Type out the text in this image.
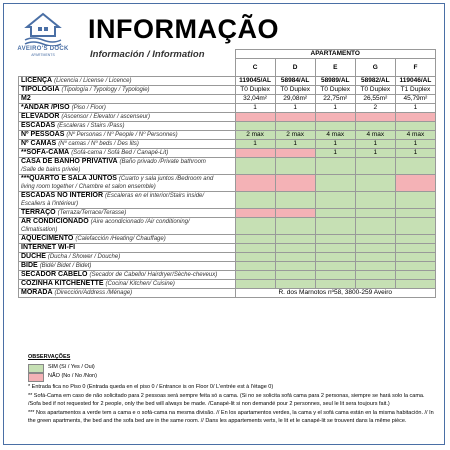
AVEIRO'S DOCK
APARTMENTS
INFORMAÇÃO
Información / Information
		APARTAMENTO				
	C	D	E	G	F
LICENÇA (Licencia / License / Licence)	119045/AL	58984/AL	58989/AL	58982/AL	119046/AL
TIPOLOGIA (Tipología / Typology / Typologie)	T0 Duplex	T0 Duplex	T0 Duplex	T0 Duplex	T1 Duplex
M2	32,04m²	29,08m²	22,75m²	26,55m²	45,79m²
*ANDAR /PISO (Piso / Floor)	1	1	1	2	1
ELEVADOR (Ascensor / Elevator / ascenseur)					
ESCADAS (Escaleras / Stairs /Pass)					
Nº PESSOAS (Nº Personas / Nº People / Nº Personnes)	2 max	2 max	4 max	4 max	4 max
Nº CAMAS (Nº camas / Nº beds / Des lits)	1	1	1	1	1
**SOFÁ-CAMA (Sofá-cama / Sofá Bed / Canapé-Lit)			1	1	1
CASA DE BANHO PRIVATIVA (Baño privado /Private bathroom
/Salle de bains privée)					
***QUARTO E SALA JUNTOS (Cuarto y sala juntos /Bedroom and
living room together / Chambre et salon ensemble)					
ESCADAS NO INTERIOR (Escaleras en el interior/Stairs inside/
Escaliers à l'intérieur)					
TERRAÇO (Terraza/Terrace/Terasse)					
AR CONDICIONADO (Aire acondicionado /Air conditioning/
Climatisation)					
AQUECIMENTO (Calefacción /Heating/ Chauffage)					
INTERNET WI-FI					
DUCHE (Ducha / Shower / Douche)					
BIDÉ (Bidé/ Bidet / Bidet)					
SECADOR CABELO (Secador de Cabello/ Hairdryer/Sèche-cheveux)					
COZINHA KITCHENETTE (Cocina/ Kitchen/ Cuisine)					
MORADA (Dirección/Address /Ménage)	R. dos Marnotos nº58, 3800-259 Aveiro				
OBSERVAÇÕES
SIM (Sí / Yes / Oui)
NÃO (No / No /Non)
* Entrada fica no Piso 0 (Entrada queda en el piso 0 / Entrance is on Floor 0/ L'entrée est à l'étage 0)
** Sofá-Cama em caso de não solicitado para 2 pessoas será sempre feita só a cama. (Si no se solicita sofá cama para 2 personas, siempre se hará solo la cama. /Sofa bed if not requested for 2 people, only the bed will always be made. /Canapé-lit si non demandé pour 2 personnes, seul le lit sera toujours fait.)
*** Nos apartamentos a verde tem a cama e o sofá-cama na mesma divisão. // En los apartamentos verdes, la cama y el sofá cama están en la misma habitación. // In the green apartments, the bed and the sofa bed are in the same room. // Dans les appartements verts, le lit et le canapé-lit se trouvent dans la même pièce.
